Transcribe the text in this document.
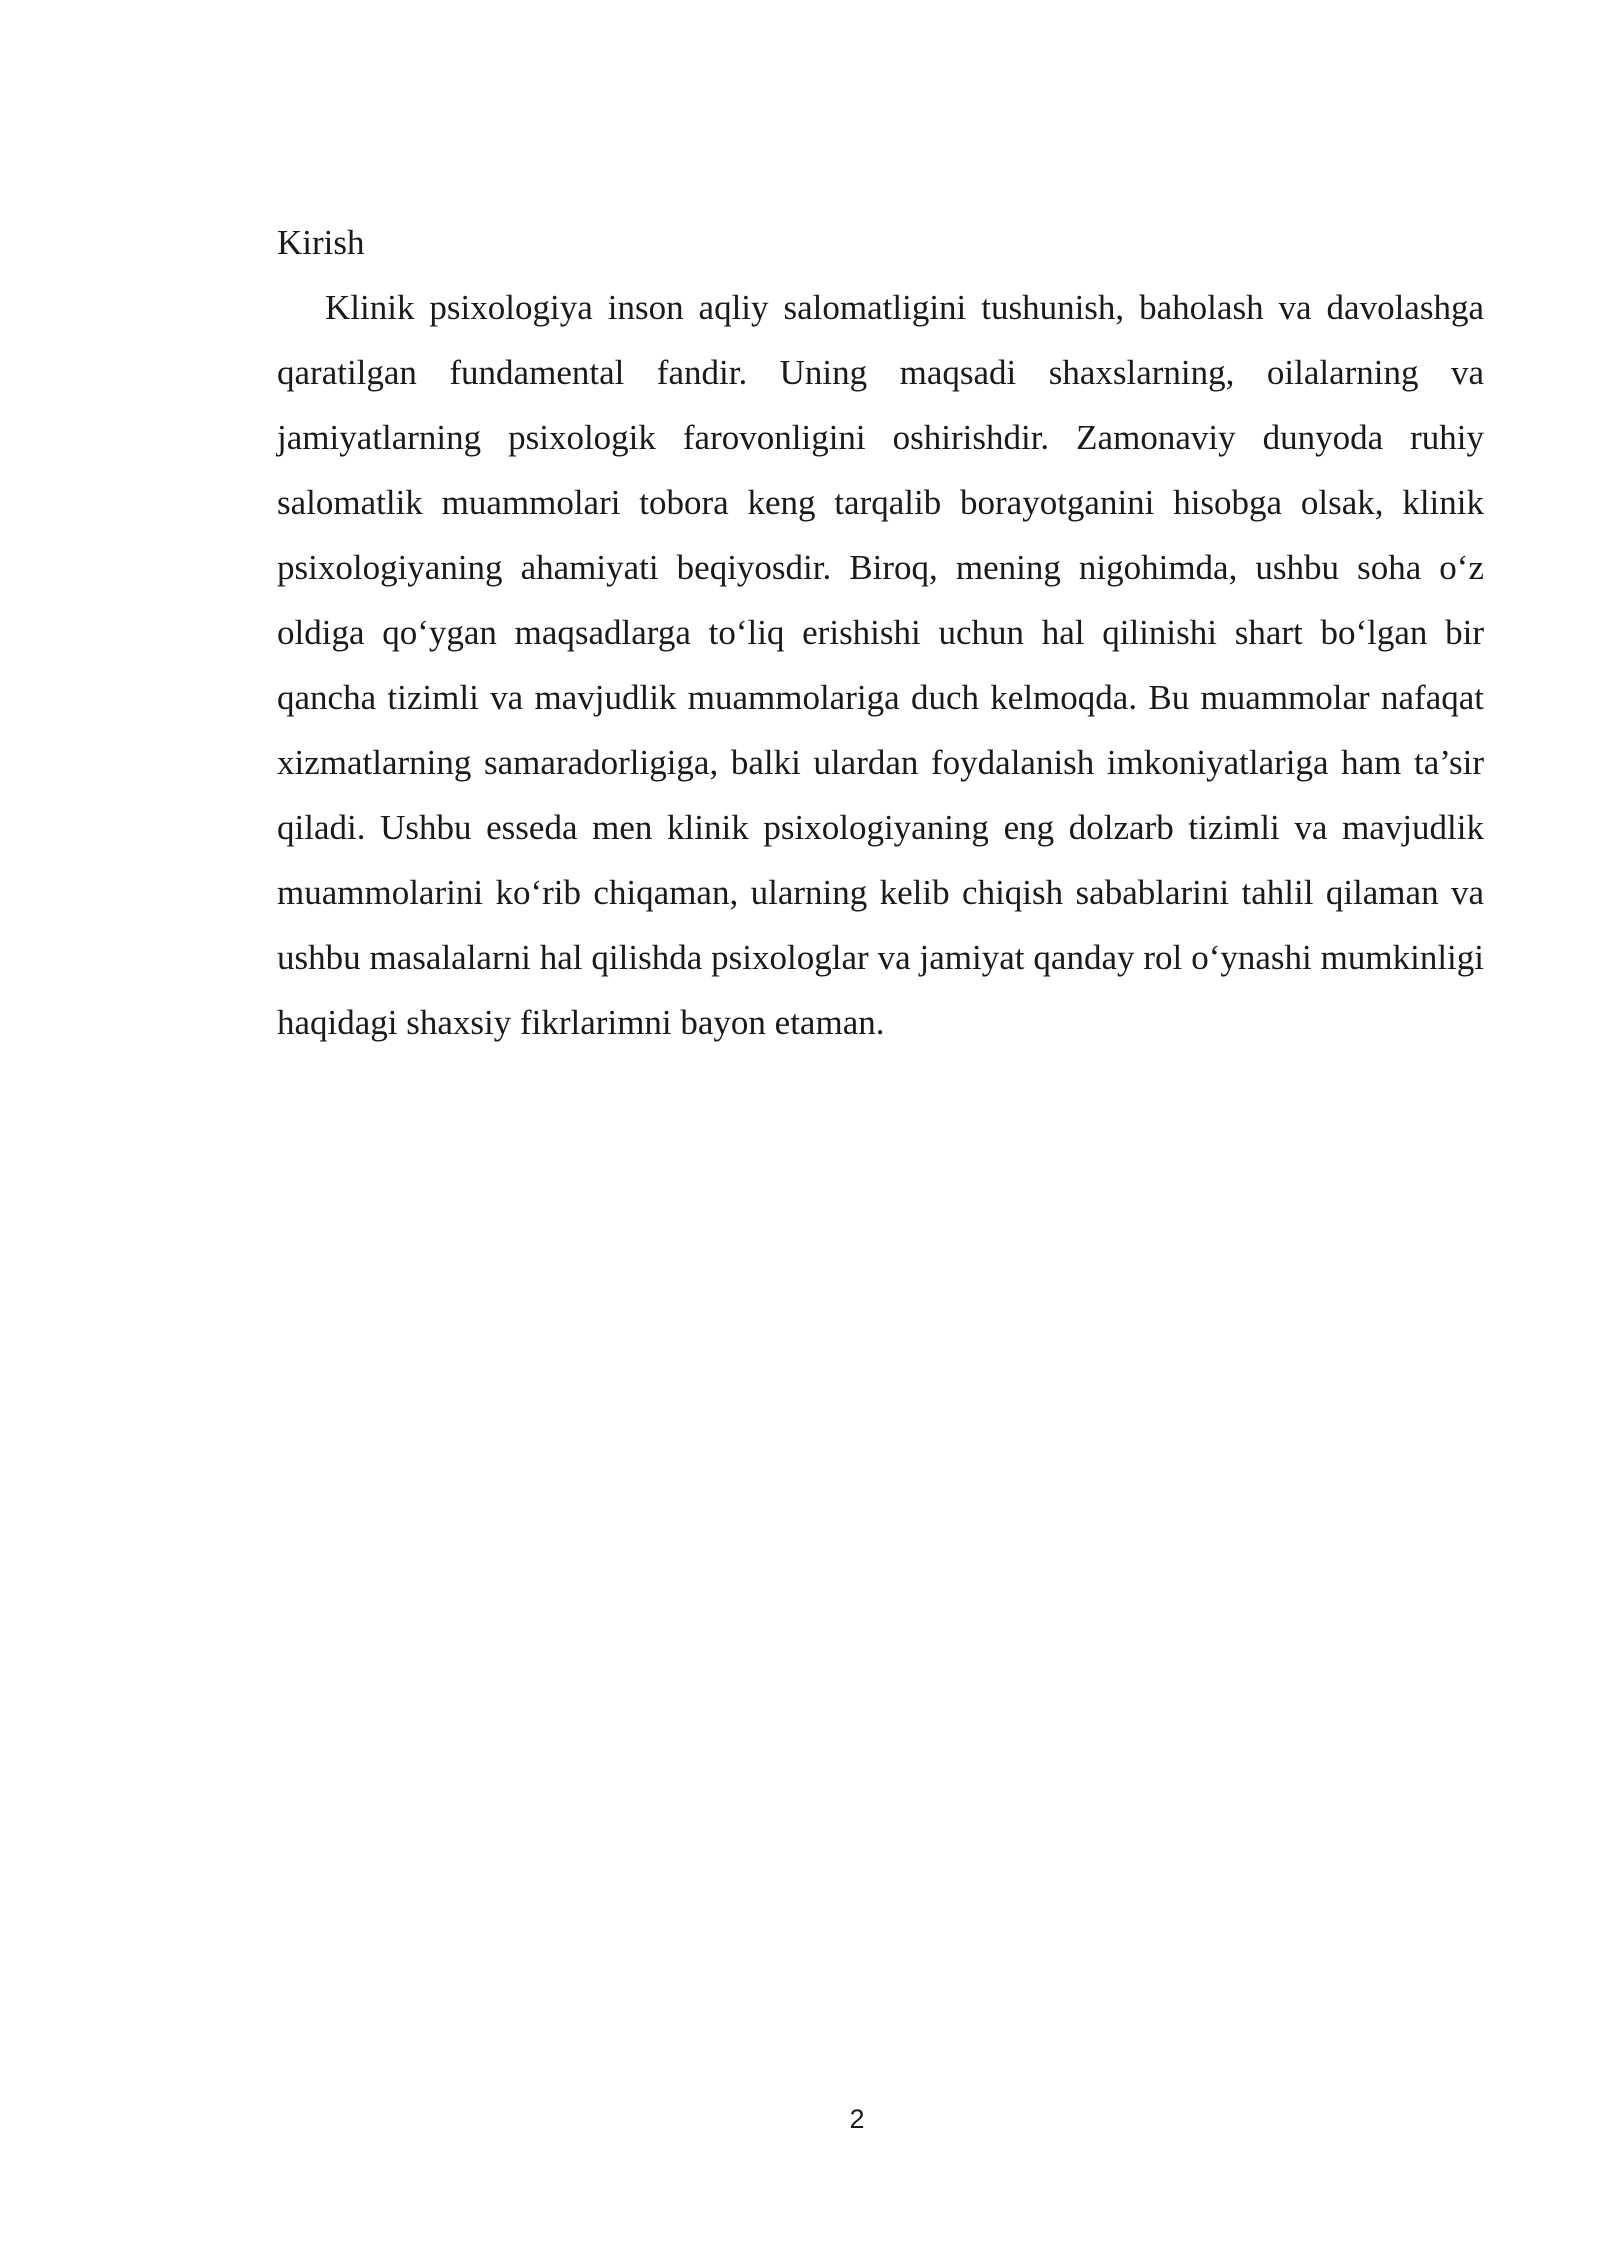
Kirish

Klinik psixologiya inson aqliy salomatligini tushunish, baholash va davolashga qaratilgan fundamental fandir. Uning maqsadi shaxslarning, oilalarning va jamiyatlarning psixologik farovonligini oshirishdir. Zamonaviy dunyoda ruhiy salomatlik muammolari tobora keng tarqalib borayotganini hisobga olsak, klinik psixologiyaning ahamiyati beqiyosdir. Biroq, mening nigohimda, ushbu soha o‘z oldiga qo‘ygan maqsadlarga to‘liq erishishi uchun hal qilinishi shart bo‘lgan bir qancha tizimli va mavjudlik muammolariga duch kelmoqda. Bu muammolar nafaqat xizmatlarning samaradorligiga, balki ulardan foydalanish imkoniyatlariga ham ta’sir qiladi. Ushbu esseda men klinik psixologiyaning eng dolzarb tizimli va mavjudlik muammolarini ko‘rib chiqaman, ularning kelib chiqish sabablarini tahlil qilaman va ushbu masalalarni hal qilishda psixologlar va jamiyat qanday rol o‘ynashi mumkinligi haqidagi shaxsiy fikrlarimni bayon etaman.

2
